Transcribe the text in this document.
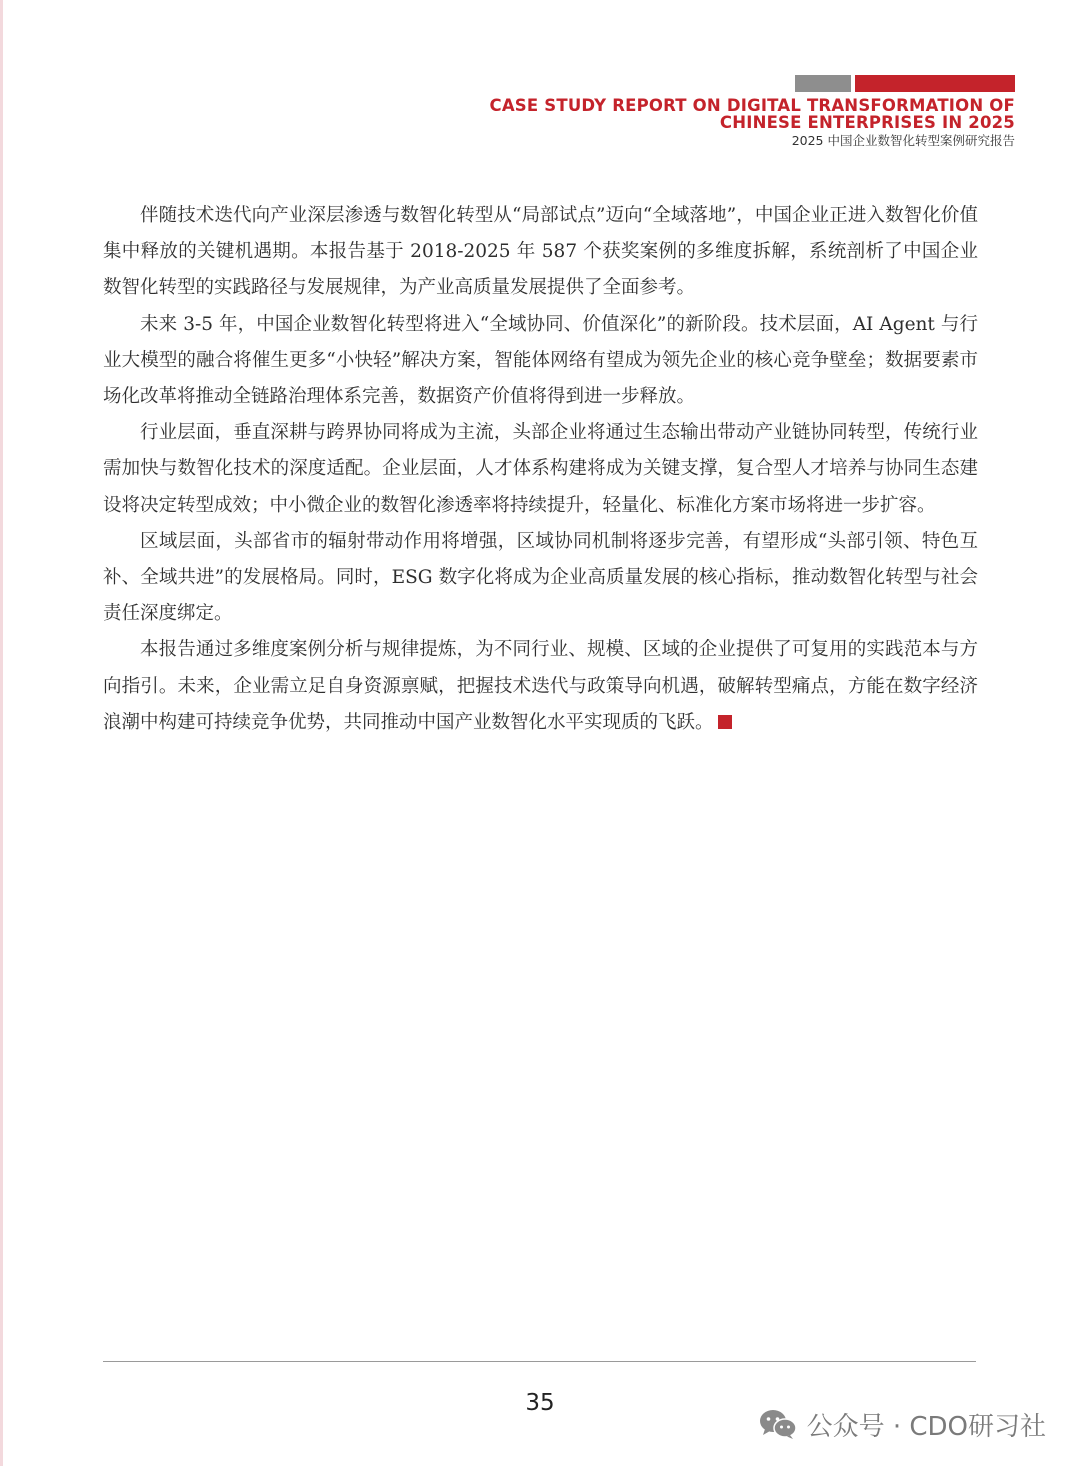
CASE STUDY REPORT ON DIGITAL TRANSFORMATION OF
CHINESE ENTERPRISES IN 2025
2025 中国企业数智化转型案例研究报告

伴随技术迭代向产业深层渗透与数智化转型从“局部试点”迈向“全域落地”，中国企业正进入数智化价值集中释放的关键机遇期。本报告基于 2018-2025 年 587 个获奖案例的多维度拆解，系统剖析了中国企业数智化转型的实践路径与发展规律，为产业高质量发展提供了全面参考。

未来 3-5 年，中国企业数智化转型将进入“全域协同、价值深化”的新阶段。技术层面，AI Agent 与行业大模型的融合将催生更多“小快轻”解决方案，智能体网络有望成为领先企业的核心竞争壁垒；数据要素市场化改革将推动全链路治理体系完善，数据资产价值将得到进一步释放。

行业层面，垂直深耕与跨界协同将成为主流，头部企业将通过生态输出带动产业链协同转型，传统行业需加快与数智化技术的深度适配。企业层面，人才体系构建将成为关键支撑，复合型人才培养与协同生态建设将决定转型成效；中小微企业的数智化渗透率将持续提升，轻量化、标准化方案市场将进一步扩容。

区域层面，头部省市的辐射带动作用将增强，区域协同机制将逐步完善，有望形成“头部引领、特色互补、全域共进”的发展格局。同时，ESG 数字化将成为企业高质量发展的核心指标，推动数智化转型与社会责任深度绑定。

本报告通过多维度案例分析与规律提炼，为不同行业、规模、区域的企业提供了可复用的实践范本与方向指引。未来，企业需立足自身资源禀赋，把握技术迭代与政策导向机遇，破解转型痛点，方能在数字经济浪潮中构建可持续竞争优势，共同推动中国产业数智化水平实现质的飞跃。

35
公众号 · CDO研习社
